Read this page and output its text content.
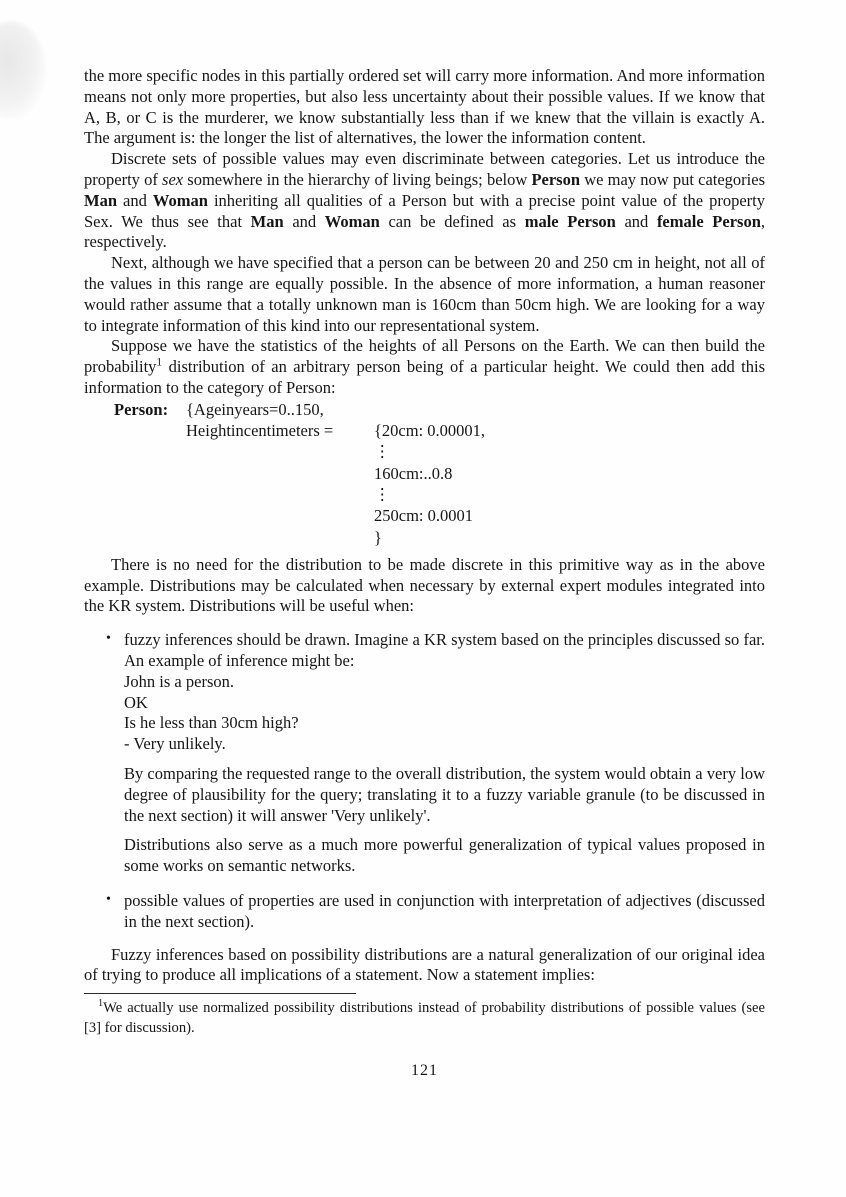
the more specific nodes in this partially ordered set will carry more information. And more information means not only more properties, but also less uncertainty about their possible values. If we know that A, B, or C is the murderer, we know substantially less than if we knew that the villain is exactly A. The argument is: the longer the list of alternatives, the lower the information content.

Discrete sets of possible values may even discriminate between categories. Let us introduce the property of sex somewhere in the hierarchy of living beings; below Person we may now put categories Man and Woman inheriting all qualities of a Person but with a precise point value of the property Sex. We thus see that Man and Woman can be defined as male Person and female Person, respectively.

Next, although we have specified that a person can be between 20 and 250 cm in height, not all of the values in this range are equally possible. In the absence of more information, a human reasoner would rather assume that a totally unknown man is 160cm than 50cm high. We are looking for a way to integrate information of this kind into our representational system.

Suppose we have the statistics of the heights of all Persons on the Earth. We can then build the probability$^1$ distribution of an arbitrary person being of a particular height. We could then add this information to the category of Person:

Person:	{Ageinyears=0..150,
Heightincentimeters =	{20cm: 0.00001,
⋮
160cm:..0.8
⋮
250cm: 0.0001
}

There is no need for the distribution to be made discrete in this primitive way as in the above example. Distributions may be calculated when necessary by external expert modules integrated into the KR system. Distributions will be useful when:

• fuzzy inferences should be drawn. Imagine a KR system based on the principles discussed so far. An example of inference might be:

John is a person.
OK
Is he less than 30cm high?
- Very unlikely.

By comparing the requested range to the overall distribution, the system would obtain a very low degree of plausibility for the query; translating it to a fuzzy variable granule (to be discussed in the next section) it will answer 'Very unlikely'.

Distributions also serve as a much more powerful generalization of typical values proposed in some works on semantic networks.

• possible values of properties are used in conjunction with interpretation of adjectives (discussed in the next section).

Fuzzy inferences based on possibility distributions are a natural generalization of our original idea of trying to produce all implications of a statement. Now a statement implies:

$^1$We actually use normalized possibility distributions instead of probability distributions of possible values (see [3] for discussion).

121
